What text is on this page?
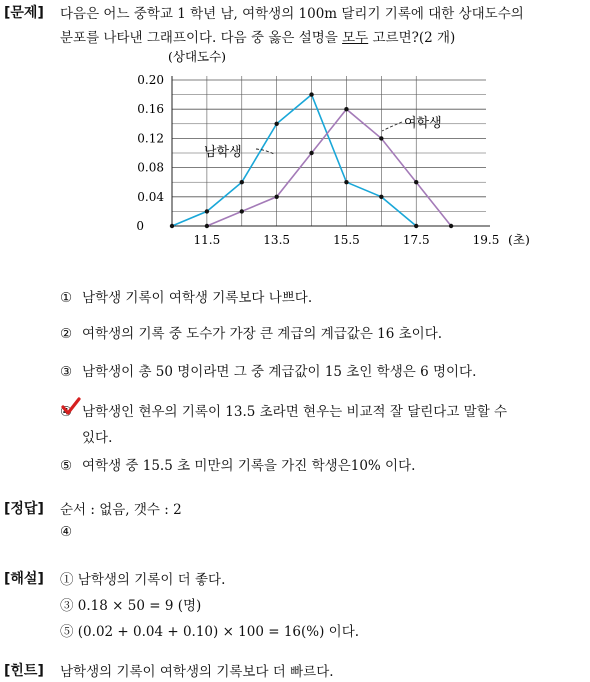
[문제] 다음은 어느 중학교 1 학년 남, 여학생의 100m 달리기 기록에 대한 상대도수의
분포를 나타낸 그래프이다. 다음 중 옳은 설명을 모두 고르면?(2 개)
(상대도수)
0
0.04
0.08
0.12
0.16
0.20
11.5	13.5	15.5	17.5	19.5 (초)
남학생
여학생
① 남학생 기록이 여학생 기록보다 나쁘다.
② 여학생의 기록 중 도수가 가장 큰 계급의 계급값은 16 초이다.
③ 남학생이 총 50 명이라면 그 중 계급값이 15 초인 학생은 6 명이다.
④ 남학생인 현우의 기록이 13.5 초라면 현우는 비교적 잘 달린다고 말할 수
있다.
⑤ 여학생 중 15.5 초 미만의 기록을 가진 학생은10% 이다.
[정답] 순서 : 없음, 갯수 : 2
④
[해설] ① 남학생의 기록이 더 좋다.
③ 0.18 × 50 = 9 (명)
⑤ (0.02 + 0.04 + 0.10) × 100 = 16(%) 이다.
[힌트] 남학생의 기록이 여학생의 기록보다 더 빠르다.
